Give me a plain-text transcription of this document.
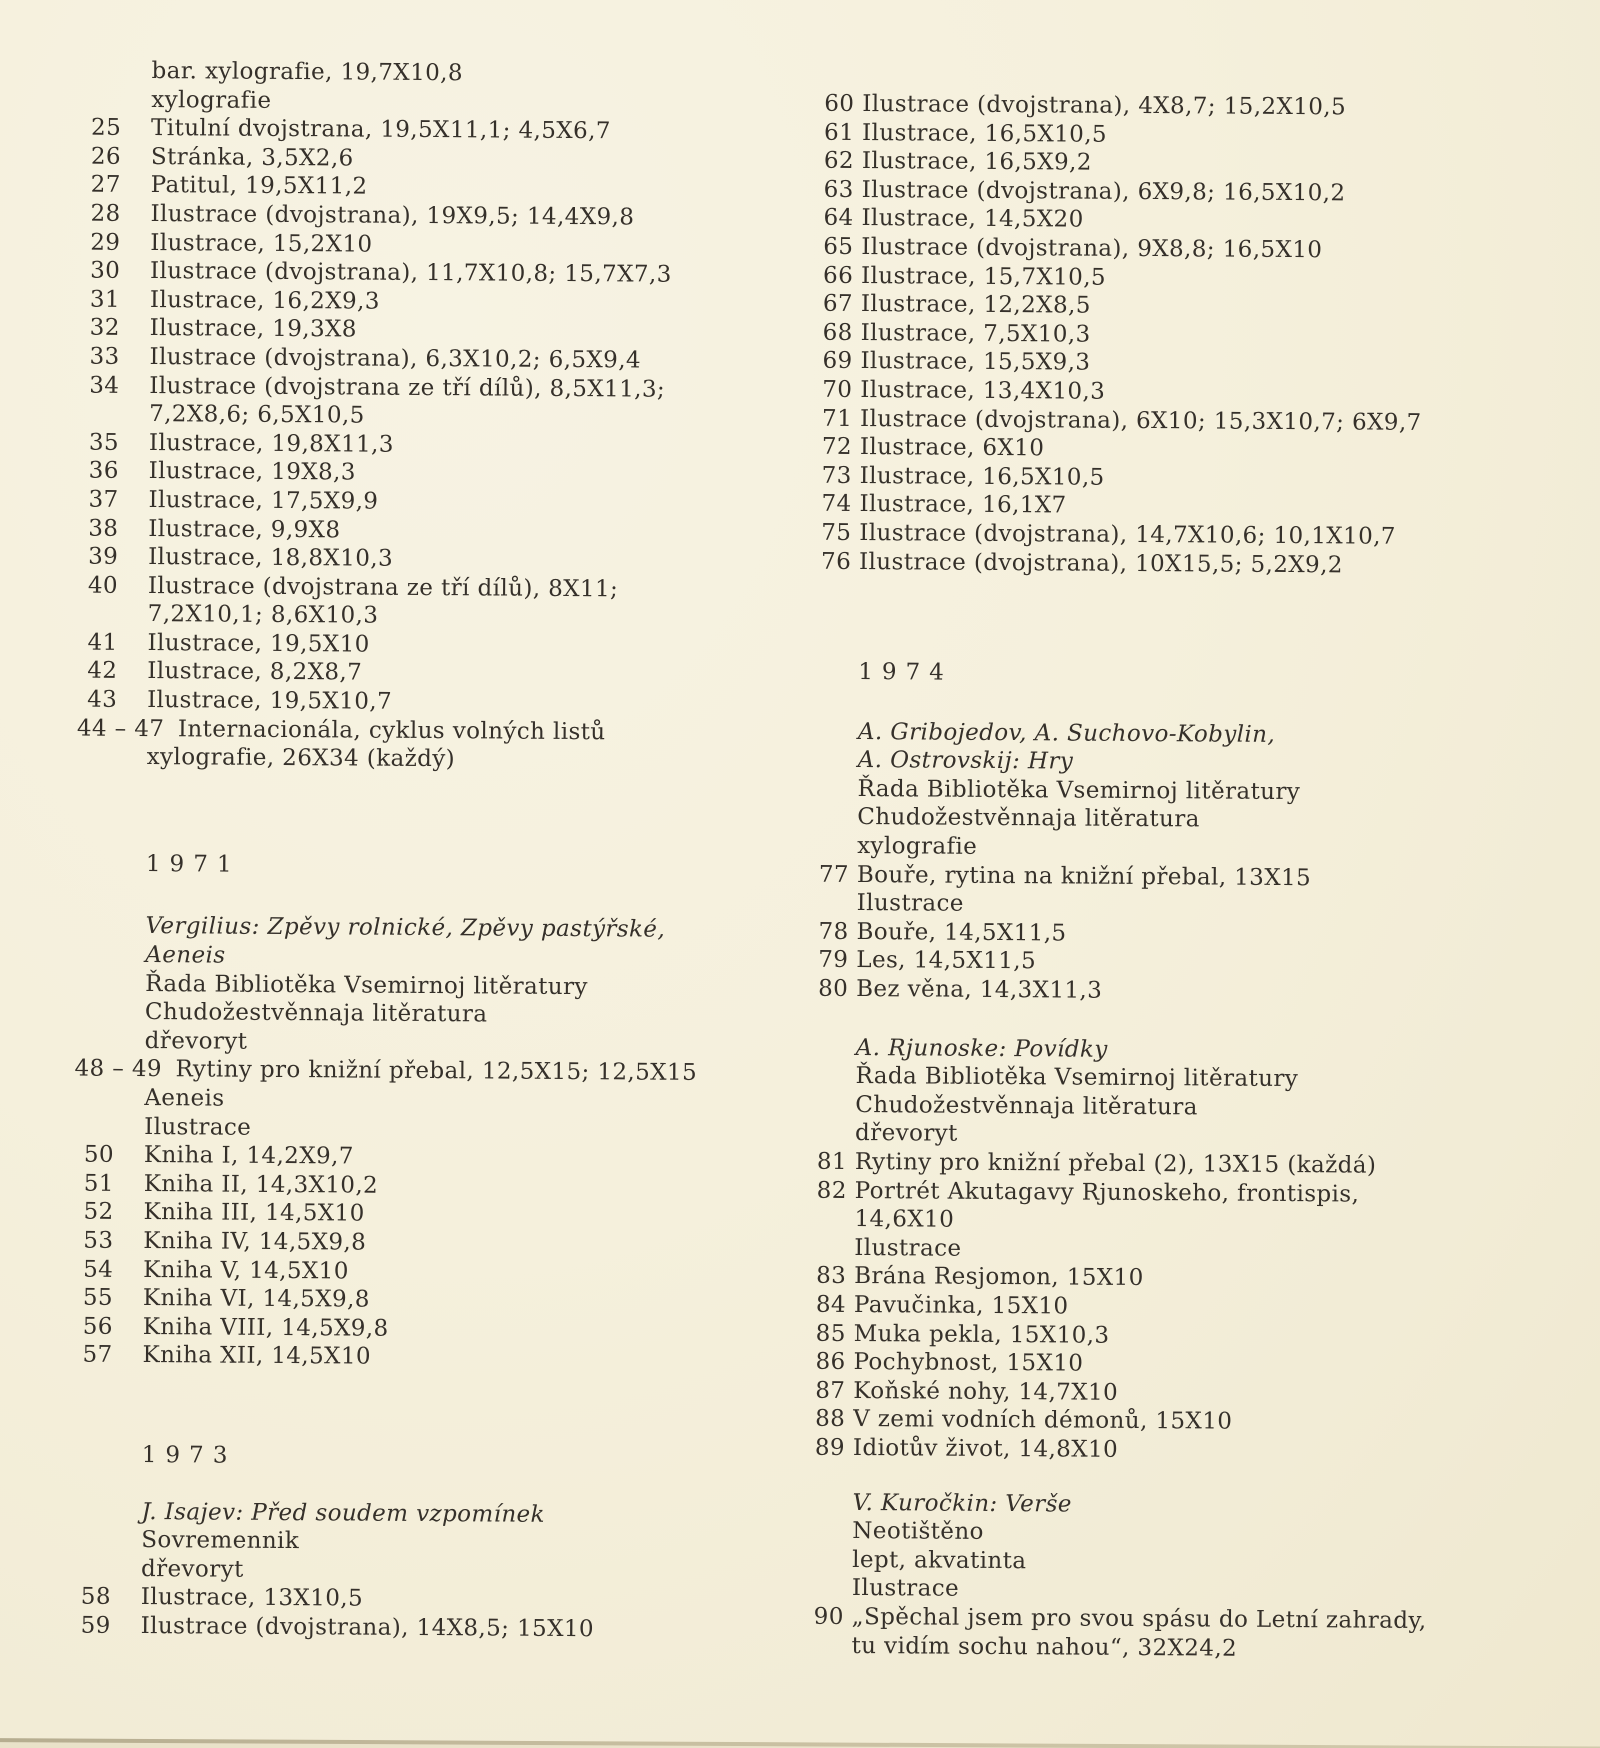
bar. xylografie, 19,7X10,8
xylografie
25 Titulní dvojstrana, 19,5X11,1; 4,5X6,7
26 Stránka, 3,5X2,6
27 Patitul, 19,5X11,2
28 Ilustrace (dvojstrana), 19X9,5; 14,4X9,8
29 Ilustrace, 15,2X10
30 Ilustrace (dvojstrana), 11,7X10,8; 15,7X7,3
31 Ilustrace, 16,2X9,3
32 Ilustrace, 19,3X8
33 Ilustrace (dvojstrana), 6,3X10,2; 6,5X9,4
34 Ilustrace (dvojstrana ze tří dílů), 8,5X11,3;
7,2X8,6; 6,5X10,5
35 Ilustrace, 19,8X11,3
36 Ilustrace, 19X8,3
37 Ilustrace, 17,5X9,9
38 Ilustrace, 9,9X8
39 Ilustrace, 18,8X10,3
40 Ilustrace (dvojstrana ze tří dílů), 8X11;
7,2X10,1; 8,6X10,3
41 Ilustrace, 19,5X10
42 Ilustrace, 8,2X8,7
43 Ilustrace, 19,5X10,7
44 – 47 Internacionála, cyklus volných listů
xylografie, 26X34 (každý)
1971
Vergilius: Zpěvy rolnické, Zpěvy pastýřské,
Aeneis
Řada Bibliotěka Vsemirnoj litěratury
Chudožestvěnnaja litěratura
dřevoryt
48 – 49 Rytiny pro knižní přebal, 12,5X15; 12,5X15
Aeneis
Ilustrace
50 Kniha I, 14,2X9,7
51 Kniha II, 14,3X10,2
52 Kniha III, 14,5X10
53 Kniha IV, 14,5X9,8
54 Kniha V, 14,5X10
55 Kniha VI, 14,5X9,8
56 Kniha VIII, 14,5X9,8
57 Kniha XII, 14,5X10
1973
J. Isajev: Před soudem vzpomínek
Sovremennik
dřevoryt
58 Ilustrace, 13X10,5
59 Ilustrace (dvojstrana), 14X8,5; 15X10
60 Ilustrace (dvojstrana), 4X8,7; 15,2X10,5
61 Ilustrace, 16,5X10,5
62 Ilustrace, 16,5X9,2
63 Ilustrace (dvojstrana), 6X9,8; 16,5X10,2
64 Ilustrace, 14,5X20
65 Ilustrace (dvojstrana), 9X8,8; 16,5X10
66 Ilustrace, 15,7X10,5
67 Ilustrace, 12,2X8,5
68 Ilustrace, 7,5X10,3
69 Ilustrace, 15,5X9,3
70 Ilustrace, 13,4X10,3
71 Ilustrace (dvojstrana), 6X10; 15,3X10,7; 6X9,7
72 Ilustrace, 6X10
73 Ilustrace, 16,5X10,5
74 Ilustrace, 16,1X7
75 Ilustrace (dvojstrana), 14,7X10,6; 10,1X10,7
76 Ilustrace (dvojstrana), 10X15,5; 5,2X9,2
1974
A. Gribojedov, A. Suchovo-Kobylin,
A. Ostrovskij: Hry
Řada Bibliotěka Vsemirnoj litěratury
Chudožestvěnnaja litěratura
xylografie
77 Bouře, rytina na knižní přebal, 13X15
Ilustrace
78 Bouře, 14,5X11,5
79 Les, 14,5X11,5
80 Bez věna, 14,3X11,3
A. Rjunoske: Povídky
Řada Bibliotěka Vsemirnoj litěratury
Chudožestvěnnaja litěratura
dřevoryt
81 Rytiny pro knižní přebal (2), 13X15 (každá)
82 Portrét Akutagavy Rjunoskeho, frontispis,
14,6X10
Ilustrace
83 Brána Resjomon, 15X10
84 Pavučinka, 15X10
85 Muka pekla, 15X10,3
86 Pochybnost, 15X10
87 Koňské nohy, 14,7X10
88 V zemi vodních démonů, 15X10
89 Idiotův život, 14,8X10
V. Kuročkin: Verše
Neotištěno
lept, akvatinta
Ilustrace
90 „Spěchal jsem pro svou spásu do Letní zahrady,
tu vidím sochu nahou“, 32X24,2
